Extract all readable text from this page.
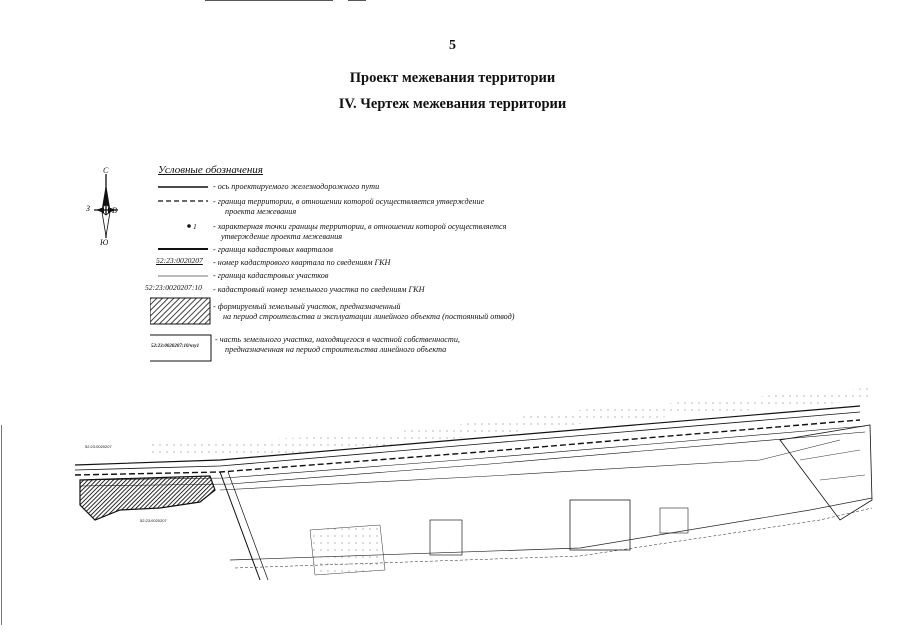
5
Проект межевания территории
IV. Чертеж межевания территории
С
З	В
Ю
Условные обозначения
1
52:23:0020207
52:23:0020207:10
52:23:0020207:10/чзу1
- ось проектируемого железнодорожного пути
- граница территории, в отношении которой осуществляется утверждение
проекта межевания
- характерная точки границы территории, в отношении которой осуществляется
утверждение проекта межевания
- граница кадастровых кварталов
- номер кадастрового квартала по сведениям ГКН
- граница кадастровых участков
- кадастровый номер земельного участка по сведениям ГКН
- формируемый земельный участок, предназначенный
на период строительства и эксплуатации линейного объекта (постоянный отвод)
- часть земельного участка, находящегося в частной собственности,
предназначенная на период строительства линейного объекта
52:23:0020207
52:23:0020207
